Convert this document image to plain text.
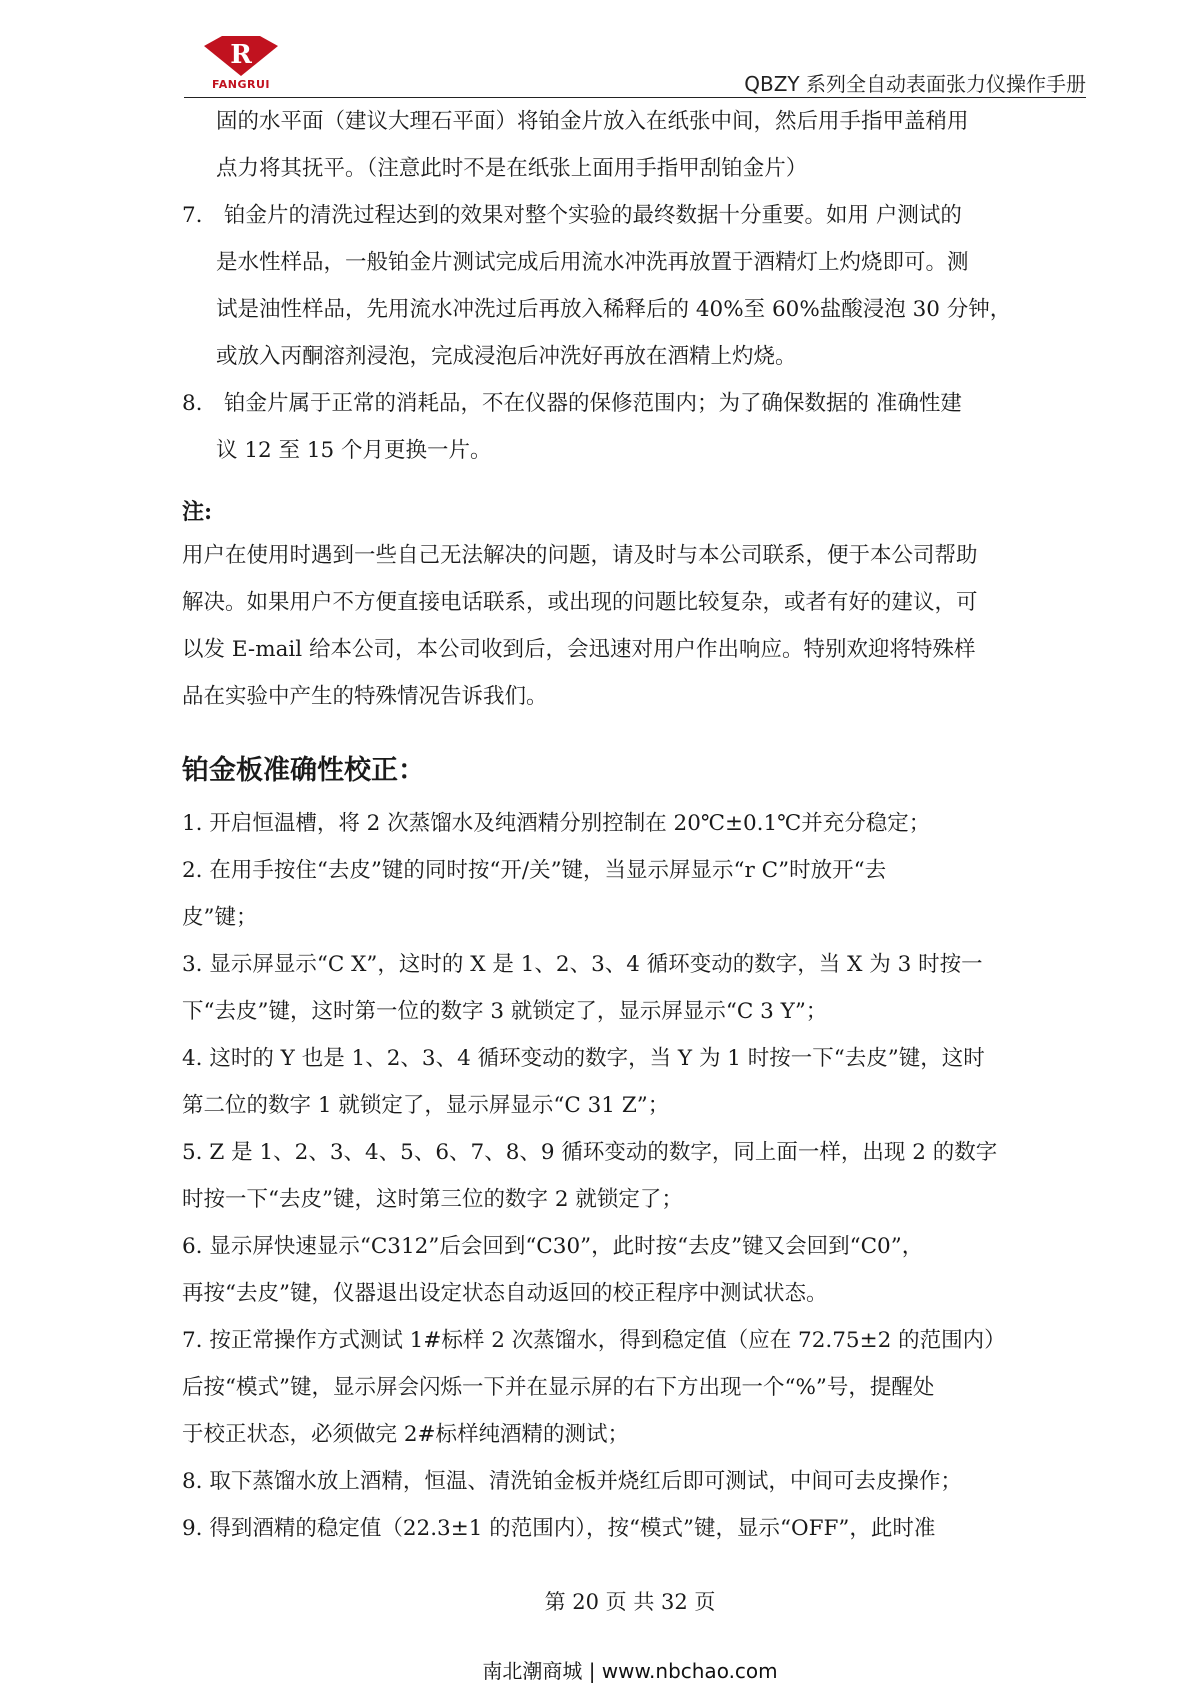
R
FANGRUI	QBZY 系列全自动表面张力仪操作手册

固的水平面（建议大理石平面）将铂金片放入在纸张中间，然后用手指甲盖稍用

点力将其抚平。（注意此时不是在纸张上面用手指甲刮铂金片）

7. 铂金片的清洗过程达到的效果对整个实验的最终数据十分重要。如用 户测试的

是水性样品，一般铂金片测试完成后用流水冲洗再放置于酒精灯上灼烧即可。测

试是油性样品，先用流水冲洗过后再放入稀释后的 40%至 60%盐酸浸泡 30 分钟，

或放入丙酮溶剂浸泡，完成浸泡后冲洗好再放在酒精上灼烧。

8. 铂金片属于正常的消耗品，不在仪器的保修范围内；为了确保数据的 准确性建

议 12 至 15 个月更换一片。

注:

用户在使用时遇到一些自己无法解决的问题，请及时与本公司联系，便于本公司帮助

解决。如果用户不方便直接电话联系，或出现的问题比较复杂，或者有好的建议，可

以发 E-mail 给本公司，本公司收到后，会迅速对用户作出响应。特别欢迎将特殊样

品在实验中产生的特殊情况告诉我们。

铂金板准确性校正：

1. 开启恒温槽，将 2 次蒸馏水及纯酒精分别控制在 20℃±0.1℃并充分稳定；

2. 在用手按住“去皮”键的同时按“开/关”键，当显示屏显示“r C”时放开“去

皮”键；

3. 显示屏显示“C X”，这时的 X 是 1、2、3、4 循环变动的数字，当 X 为 3 时按一

下“去皮”键，这时第一位的数字 3 就锁定了，显示屏显示“C 3 Y”；

4. 这时的 Y 也是 1、2、3、4 循环变动的数字，当 Y 为 1 时按一下“去皮”键，这时

第二位的数字 1 就锁定了，显示屏显示“C 31 Z”；

5. Z 是 1、2、3、4、5、6、7、8、9 循环变动的数字，同上面一样，出现 2 的数字

时按一下“去皮”键，这时第三位的数字 2 就锁定了；

6. 显示屏快速显示“C312”后会回到“C30”，此时按“去皮”键又会回到“C0”，

再按“去皮”键，仪器退出设定状态自动返回的校正程序中测试状态。

7. 按正常操作方式测试 1#标样 2 次蒸馏水，得到稳定值（应在 72.75±2 的范围内）

后按“模式”键，显示屏会闪烁一下并在显示屏的右下方出现一个“%”号，提醒处

于校正状态，必须做完 2#标样纯酒精的测试；

8. 取下蒸馏水放上酒精，恒温、清洗铂金板并烧红后即可测试，中间可去皮操作；

9. 得到酒精的稳定值（22.3±1 的范围内），按“模式”键，显示“OFF”，此时准

第 20 页 共 32 页
南北潮商城 | www.nbchao.com
